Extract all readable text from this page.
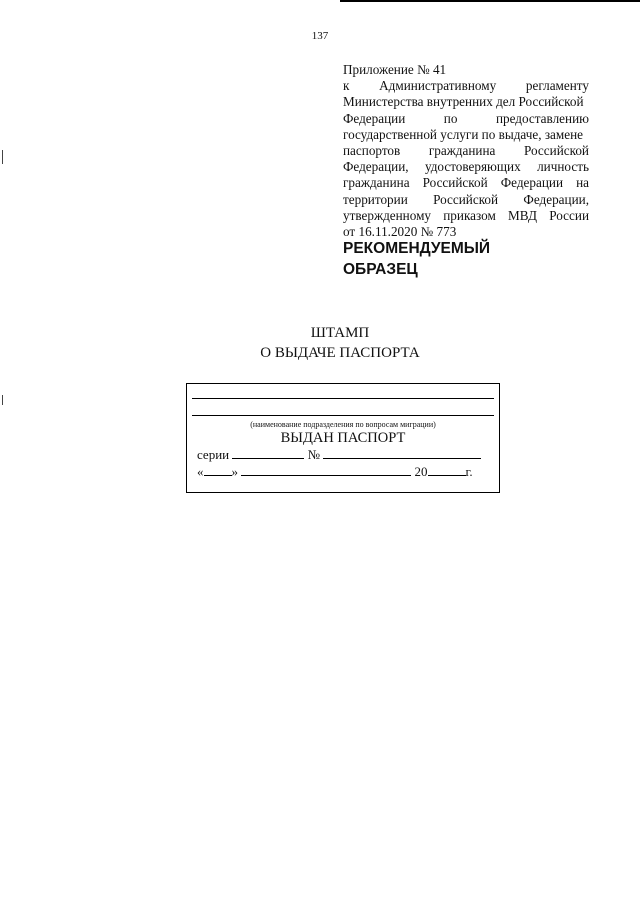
137
Приложение № 41
к Административному регламенту
Министерства внутренних дел Российской
Федерации	по	предоставлению
государственной услуги по выдаче, замене
паспортов гражданина Российской
Федерации, удостоверяющих личность
гражданина Российской Федерации на
территории Российской Федерации,
утвержденному приказом МВД России
от 16.11.2020 № 773
РЕКОМЕНДУЕМЫЙ
ОБРАЗЕЦ
ШТАМП
О ВЫДАЧЕ ПАСПОРТА
(наименование подразделения по вопросам миграции)
ВЫДАН ПАСПОРТ
серии	№
« »	20	г.
